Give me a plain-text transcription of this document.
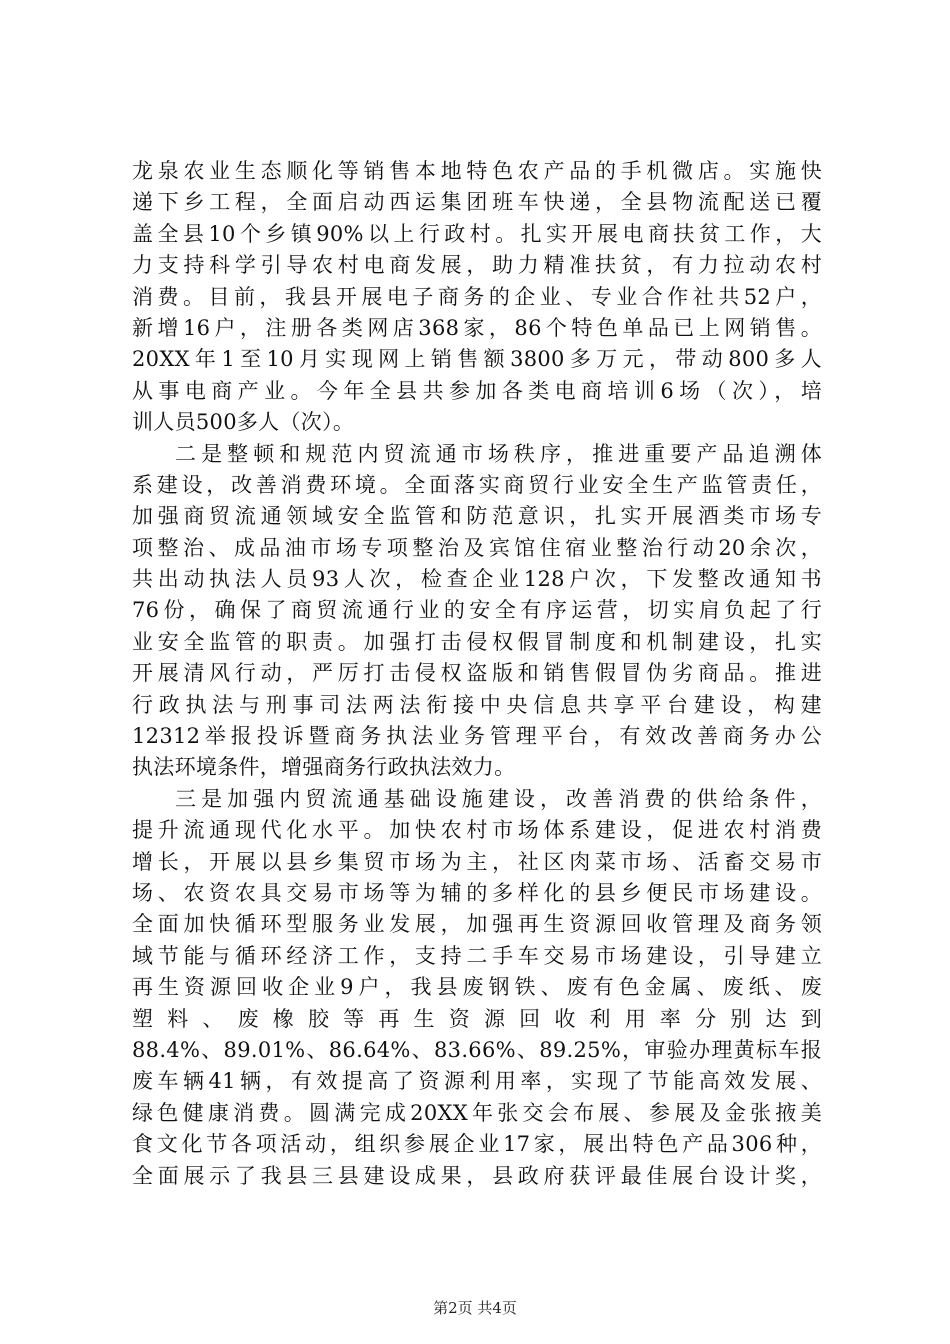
龙泉农业生态顺化等销售本地特色农产品的手机微店。实施快
递下乡工程，全面启动西运集团班车快递，全县物流配送已覆
盖全县10个乡镇90%以上行政村。扎实开展电商扶贫工作，大
力支持科学引导农村电商发展，助力精准扶贫，有力拉动农村
消费。目前，我县开展电子商务的企业、专业合作社共52户，
新增16户，注册各类网店368家，86个特色单品已上网销售。
20XX年1至10月实现网上销售额3800多万元，带动800多人
从事电商产业。今年全县共参加各类电商培训6场（次），培
训人员500多人（次）。
二是整顿和规范内贸流通市场秩序，推进重要产品追溯体
系建设，改善消费环境。全面落实商贸行业安全生产监管责任，
加强商贸流通领域安全监管和防范意识，扎实开展酒类市场专
项整治、成品油市场专项整治及宾馆住宿业整治行动20余次，
共出动执法人员93人次，检查企业128户次，下发整改通知书
76份，确保了商贸流通行业的安全有序运营，切实肩负起了行
业安全监管的职责。加强打击侵权假冒制度和机制建设，扎实
开展清风行动，严厉打击侵权盗版和销售假冒伪劣商品。推进
行政执法与刑事司法两法衔接中央信息共享平台建设，构建
12312举报投诉暨商务执法业务管理平台，有效改善商务办公
执法环境条件，增强商务行政执法效力。
三是加强内贸流通基础设施建设，改善消费的供给条件，
提升流通现代化水平。加快农村市场体系建设，促进农村消费
增长，开展以县乡集贸市场为主，社区肉菜市场、活畜交易市
场、农资农具交易市场等为辅的多样化的县乡便民市场建设。
全面加快循环型服务业发展，加强再生资源回收管理及商务领
域节能与循环经济工作，支持二手车交易市场建设，引导建立
再生资源回收企业9户，我县废钢铁、废有色金属、废纸、废
塑料、废橡胶等再生资源回收利用率分别达到
88.4%、89.01%、86.64%、83.66%、89.25%，审验办理黄标车报
废车辆41辆，有效提高了资源利用率，实现了节能高效发展、
绿色健康消费。圆满完成20XX年张交会布展、参展及金张掖美
食文化节各项活动，组织参展企业17家，展出特色产品306种，
全面展示了我县三县建设成果，县政府获评最佳展台设计奖，
第2页 共4页
